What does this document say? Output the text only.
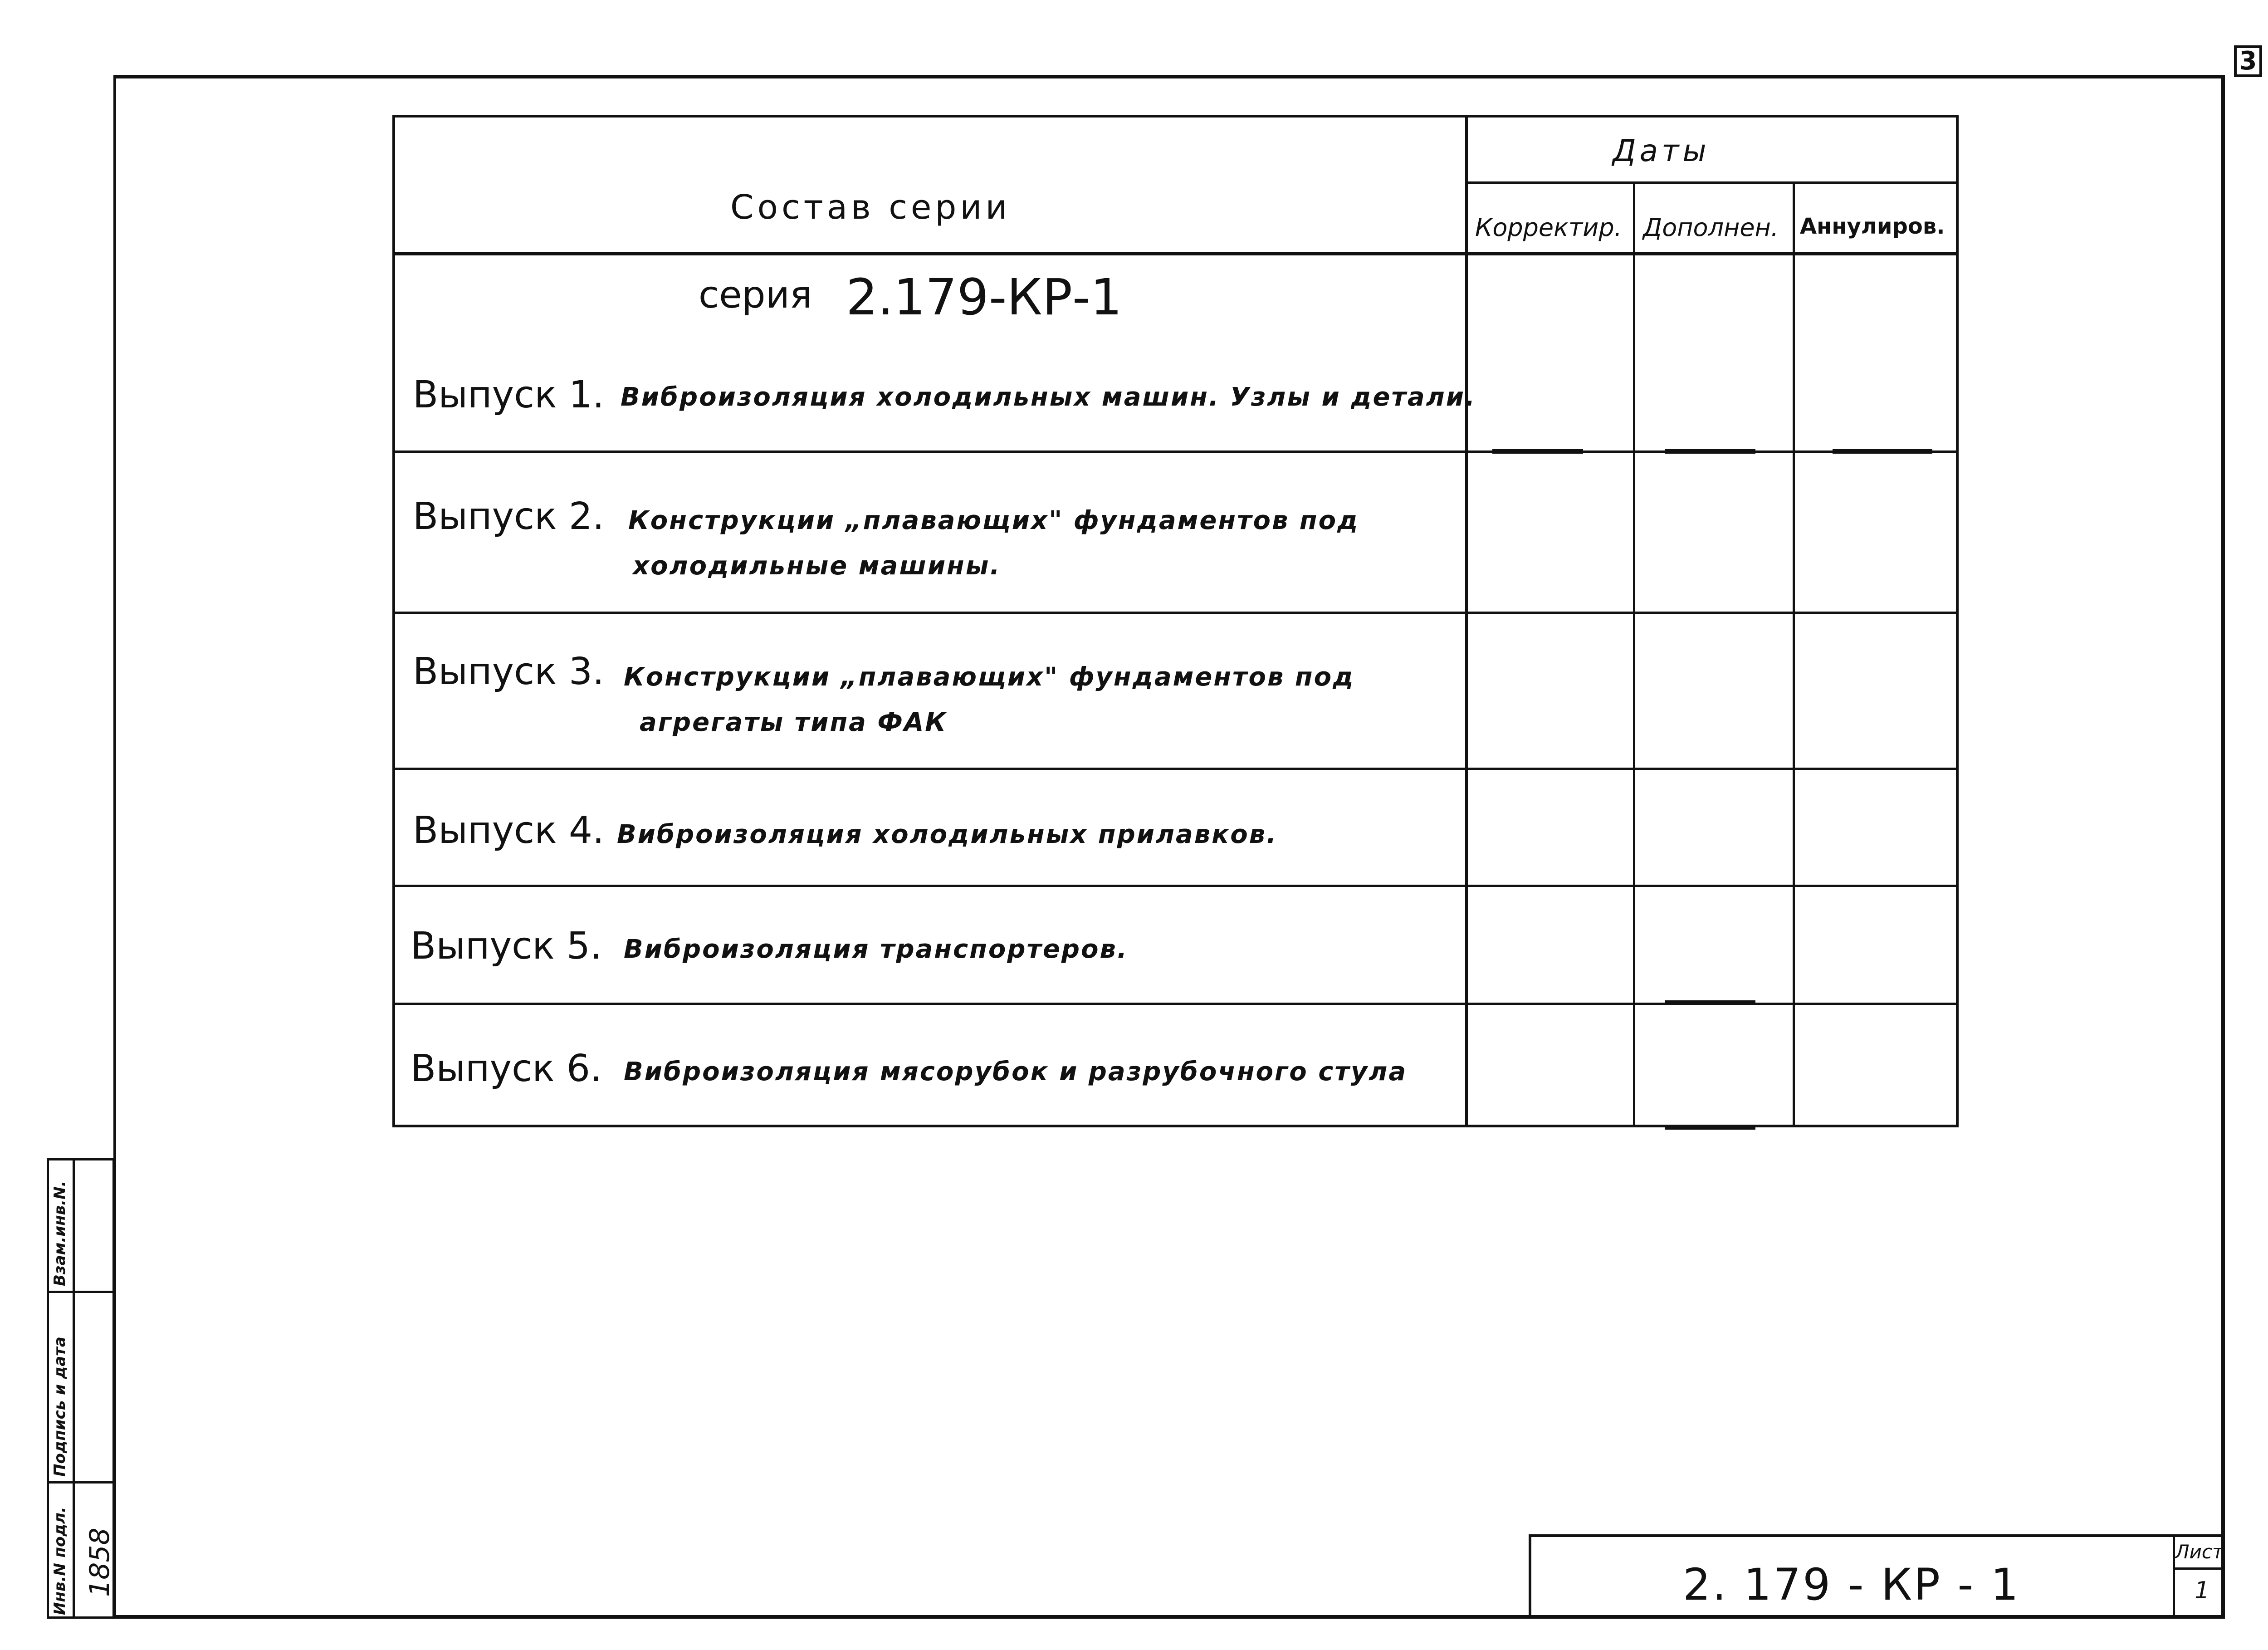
3
Состав серии
Даты
Корректир. Дополнен. Аннулиров.
серия 2.179-КР-1
Выпуск 1. Виброизоляция холодильных машин. Узлы и детали.
Выпуск 2. Конструкции „плавающих" фундаментов под
холодильные машины.
Выпуск 3. Конструкции „плавающих" фундаментов под
агрегаты типа ФАК
Выпуск 4. Виброизоляция холодильных прилавков.
Выпуск 5. Виброизоляция транспортеров.
Выпуск 6. Виброизоляция мясорубок и разрубочного стула
Инв.N подл.
Подпись и дата
Взам.инв.N.
1858	2. 179 - КР - 1
Лист
1
